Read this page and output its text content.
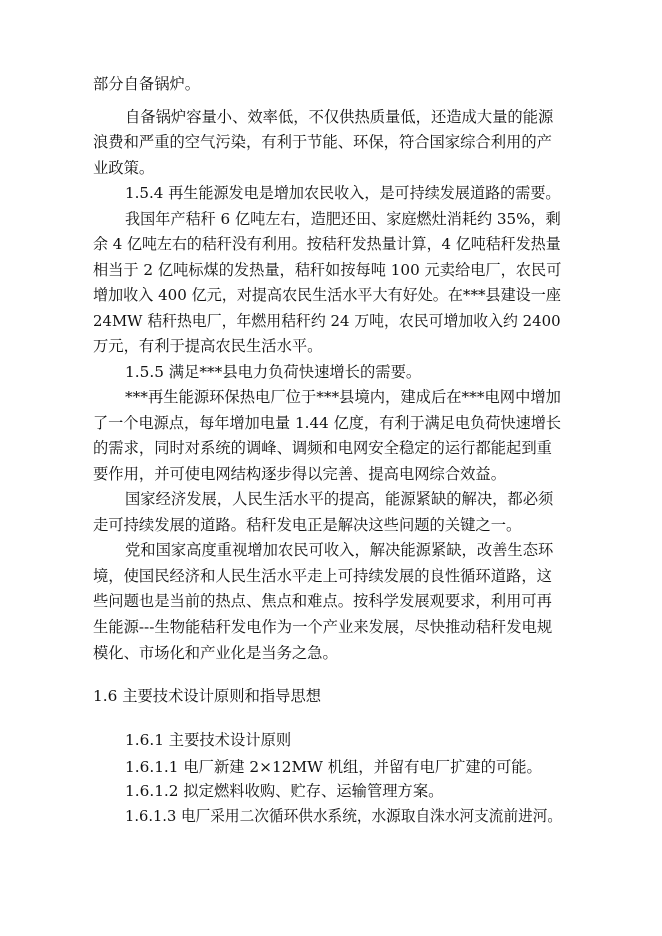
部分自备锅炉。

自备锅炉容量小、效率低，不仅供热质量低，还造成大量的能源

浪费和严重的空气污染，有利于节能、环保，符合国家综合利用的产

业政策。

1.5.4 再生能源发电是增加农民收入，是可持续发展道路的需要。

我国年产秸秆 6 亿吨左右，造肥还田、家庭燃灶消耗约 35%，剩

余 4 亿吨左右的秸秆没有利用。按秸秆发热量计算，4 亿吨秸秆发热量

相当于 2 亿吨标煤的发热量，秸秆如按每吨 100 元卖给电厂，农民可

增加收入 400 亿元，对提高农民生活水平大有好处。在***县建设一座

24MW 秸秆热电厂，年燃用秸秆约 24 万吨，农民可增加收入约 2400

万元，有利于提高农民生活水平。

1.5.5 满足***县电力负荷快速增长的需要。

***再生能源环保热电厂位于***县境内，建成后在***电网中增加

了一个电源点，每年增加电量 1.44 亿度，有利于满足电负荷快速增长

的需求，同时对系统的调峰、调频和电网安全稳定的运行都能起到重

要作用，并可使电网结构逐步得以完善、提高电网综合效益。

国家经济发展，人民生活水平的提高，能源紧缺的解决，都必须

走可持续发展的道路。秸秆发电正是解决这些问题的关键之一。

党和国家高度重视增加农民可收入，解决能源紧缺，改善生态环

境，使国民经济和人民生活水平走上可持续发展的良性循环道路，这

些问题也是当前的热点、焦点和难点。按科学发展观要求，利用可再

生能源---生物能秸秆发电作为一个产业来发展，尽快推动秸秆发电规

模化、市场化和产业化是当务之急。

1.6 主要技术设计原则和指导思想

1.6.1 主要技术设计原则

1.6.1.1 电厂新建 2×12MW 机组，并留有电厂扩建的可能。

1.6.1.2 拟定燃料收购、贮存、运输管理方案。

1.6.1.3 电厂采用二次循环供水系统，水源取自洙水河支流前进河。
